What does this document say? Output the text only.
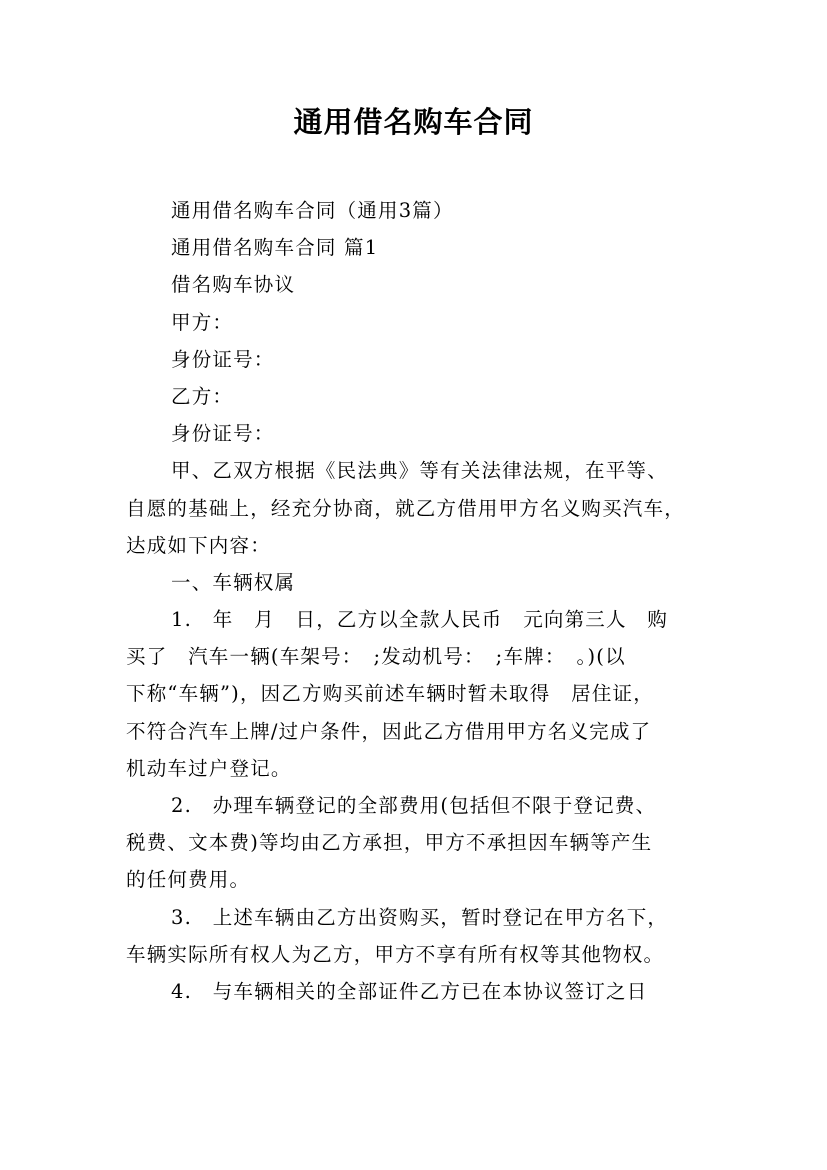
通用借名购车合同
通用借名购车合同（通用3篇）
通用借名购车合同 篇1
借名购车协议
甲方：
身份证号：
乙方：
身份证号：
甲、乙双方根据《民法典》等有关法律法规，在平等、
自愿的基础上，经充分协商，就乙方借用甲方名义购买汽车，
达成如下内容：
一、车辆权属
1.　年　月　日，乙方以全款人民币　元向第三人　购
买了　汽车一辆(车架号：　;发动机号：　;车牌：　。)(以
下称“车辆”)，因乙方购买前述车辆时暂未取得　居住证，
不符合汽车上牌/过户条件，因此乙方借用甲方名义完成了
机动车过户登记。
2.　办理车辆登记的全部费用(包括但不限于登记费、
税费、文本费)等均由乙方承担，甲方不承担因车辆等产生
的任何费用。
3.　上述车辆由乙方出资购买，暂时登记在甲方名下，
车辆实际所有权人为乙方，甲方不享有所有权等其他物权。
4.　与车辆相关的全部证件乙方已在本协议签订之日
